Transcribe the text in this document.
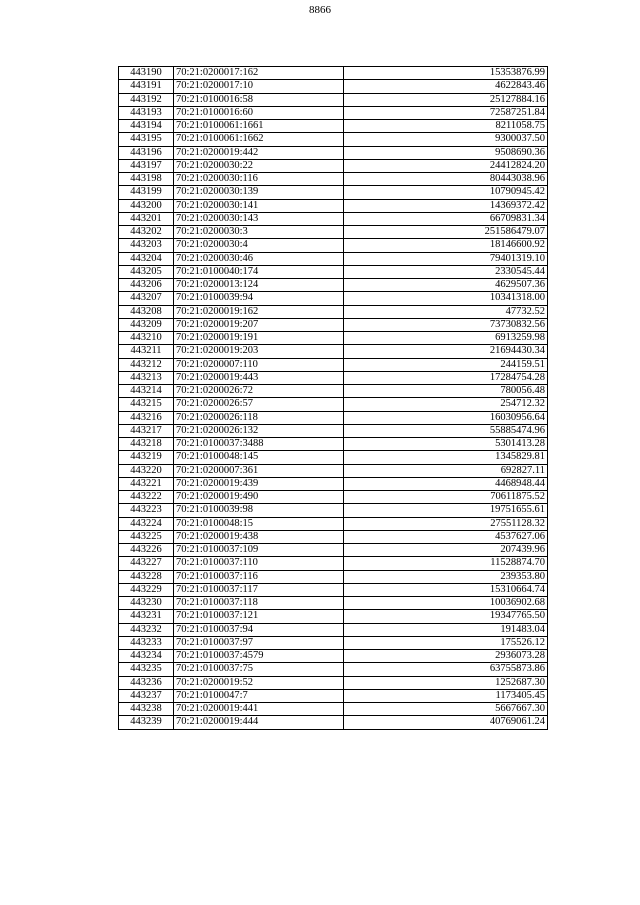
8866
443190	70:21:0200017:162	15353876.99
443191	70:21:0200017:10	4622843.46
443192	70:21:0100016:58	25127884.16
443193	70:21:0100016:60	72587251.84
443194	70:21:0100061:1661	8211058.75
443195	70:21:0100061:1662	9300037.50
443196	70:21:0200019:442	9508690.36
443197	70:21:0200030:22	24412824.20
443198	70:21:0200030:116	80443038.96
443199	70:21:0200030:139	10790945.42
443200	70:21:0200030:141	14369372.42
443201	70:21:0200030:143	66709831.34
443202	70:21:0200030:3	251586479.07
443203	70:21:0200030:4	18146600.92
443204	70:21:0200030:46	79401319.10
443205	70:21:0100040:174	2330545.44
443206	70:21:0200013:124	4629507.36
443207	70:21:0100039:94	10341318.00
443208	70:21:0200019:162	47732.52
443209	70:21:0200019:207	73730832.56
443210	70:21:0200019:191	6913259.98
443211	70:21:0200019:203	21694430.34
443212	70:21:0200007:110	244159.51
443213	70:21:0200019:443	17284754.28
443214	70:21:0200026:72	780056.48
443215	70:21:0200026:57	254712.32
443216	70:21:0200026:118	16030956.64
443217	70:21:0200026:132	55885474.96
443218	70:21:0100037:3488	5301413.28
443219	70:21:0100048:145	1345829.81
443220	70:21:0200007:361	692827.11
443221	70:21:0200019:439	4468948.44
443222	70:21:0200019:490	70611875.52
443223	70:21:0100039:98	19751655.61
443224	70:21:0100048:15	27551128.32
443225	70:21:0200019:438	4537627.06
443226	70:21:0100037:109	207439.96
443227	70:21:0100037:110	11528874.70
443228	70:21:0100037:116	239353.80
443229	70:21:0100037:117	15310664.74
443230	70:21:0100037:118	10036902.68
443231	70:21:0100037:121	19347765.50
443232	70:21:0100037:94	191483.04
443233	70:21:0100037:97	175526.12
443234	70:21:0100037:4579	2936073.28
443235	70:21:0100037:75	63755873.86
443236	70:21:0200019:52	1252687.30
443237	70:21:0100047:7	1173405.45
443238	70:21:0200019:441	5667667.30
443239	70:21:0200019:444	40769061.24
